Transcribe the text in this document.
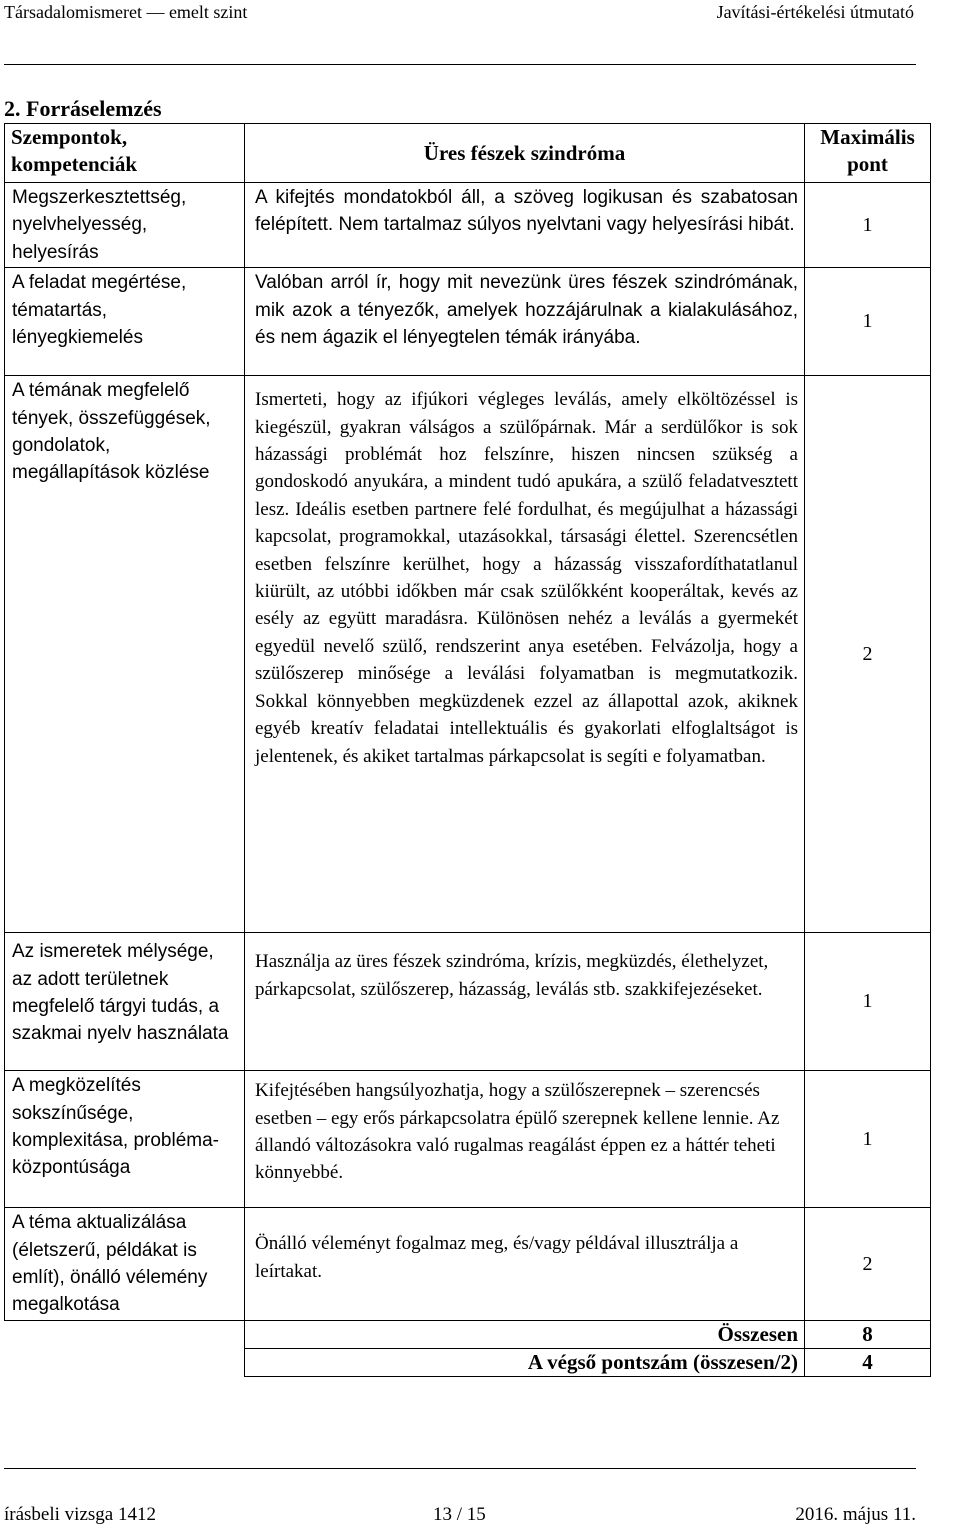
Társadalomismeret — emelt szint	Javítási-értékelési útmutató
2. Forráselemzés
Szempontok, kompetenciák	Üres fészek szindróma	Maximális pont
Megszerkesztettség, nyelvhelyesség, helyesírás	A kifejtés mondatokból áll, a szöveg logikusan és szabatosan felépített. Nem tartalmaz súlyos nyelvtani vagy helyesírási hibát.	1
A feladat megértése, tématartás, lényegkiemelés	Valóban arról ír, hogy mit nevezünk üres fészek szindrómának, mik azok a tényezők, amelyek hozzájárulnak a kialakulásához, és nem ágazik el lényegtelen témák irányába.	1
A témának megfelelő tények, összefüggések, gondolatok, megállapítások közlése	Ismerteti, hogy az ifjúkori végleges leválás, amely elköltözéssel is kiegészül, gyakran válságos a szülőpárnak. Már a serdülőkor is sok házassági problémát hoz felszínre, hiszen nincsen szükség a gondoskodó anyukára, a mindent tudó apukára, a szülő feladatvesztett lesz. Ideális esetben partnere felé fordulhat, és megújulhat a házassági kapcsolat, programokkal, utazásokkal, társasági élettel. Szerencsétlen esetben felszínre kerülhet, hogy a házasság visszafordíthatatlanul kiürült, az utóbbi időkben már csak szülőkként kooperáltak, kevés az esély az együtt maradásra. Különösen nehéz a leválás a gyermekét egyedül nevelő szülő, rendszerint anya esetében. Felvázolja, hogy a szülőszerep minősége a leválási folyamatban is megmutatkozik. Sokkal könnyebben megküzdenek ezzel az állapottal azok, akiknek egyéb kreatív feladatai intellektuális és gyakorlati elfoglaltságot is jelentenek, és akiket tartalmas párkapcsolat is segíti e folyamatban.	2
Az ismeretek mélysége, az adott területnek megfelelő tárgyi tudás, a szakmai nyelv használata	Használja az üres fészek szindróma, krízis, megküzdés, élethelyzet, párkapcsolat, szülőszerep, házasság, leválás stb. szakkifejezéseket.	1
A megközelítés sokszínűsége, komplexitása, probléma-központúsága	Kifejtésében hangsúlyozhatja, hogy a szülőszerepnek – szerencsés esetben – egy erős párkapcsolatra épülő szerepnek kellene lennie. Az állandó változásokra való rugalmas reagálást éppen ez a háttér teheti könnyebbé.	1
A téma aktualizálása (életszerű, példákat is említ), önálló vélemény megalkotása	Önálló véleményt fogalmaz meg, és/vagy példával illusztrálja a leírtakat.	2
	Összesen	8
	A végső pontszám (összesen/2)	4
írásbeli vizsga 1412	13 / 15	2016. május 11.
